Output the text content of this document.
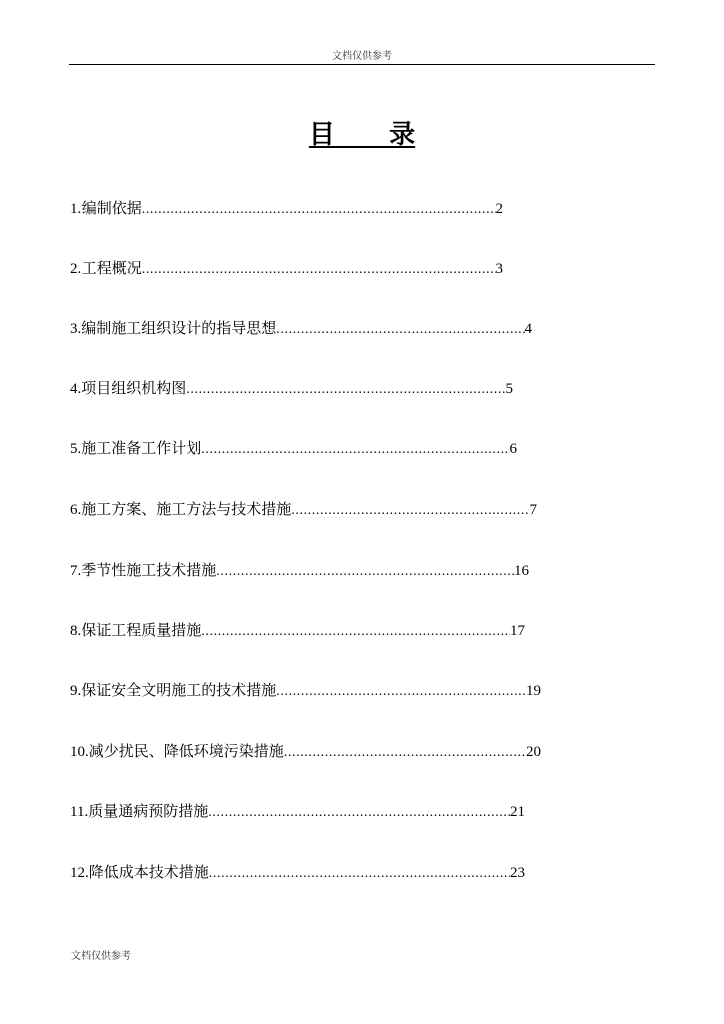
文档仅供参考
目      录
1. 编制依据 .....	2
2. 工程概况 .....	3
3. 编制施工组织设计的指导思想 .....	4
4. 项目组织机构图 .....	5
5. 施工准备工作计划 .....	6
6. 施工方案、施工方法与技术措施 .....	7
7. 季节性施工技术措施 .....	16
8. 保证工程质量措施 .....	17
9. 保证安全文明施工的技术措施 .....	19
10. 减少扰民、降低环境污染措施 .....	20
11. 质量通病预防措施 .....	21
12. 降低成本技术措施 .....	23
文档仅供参考
